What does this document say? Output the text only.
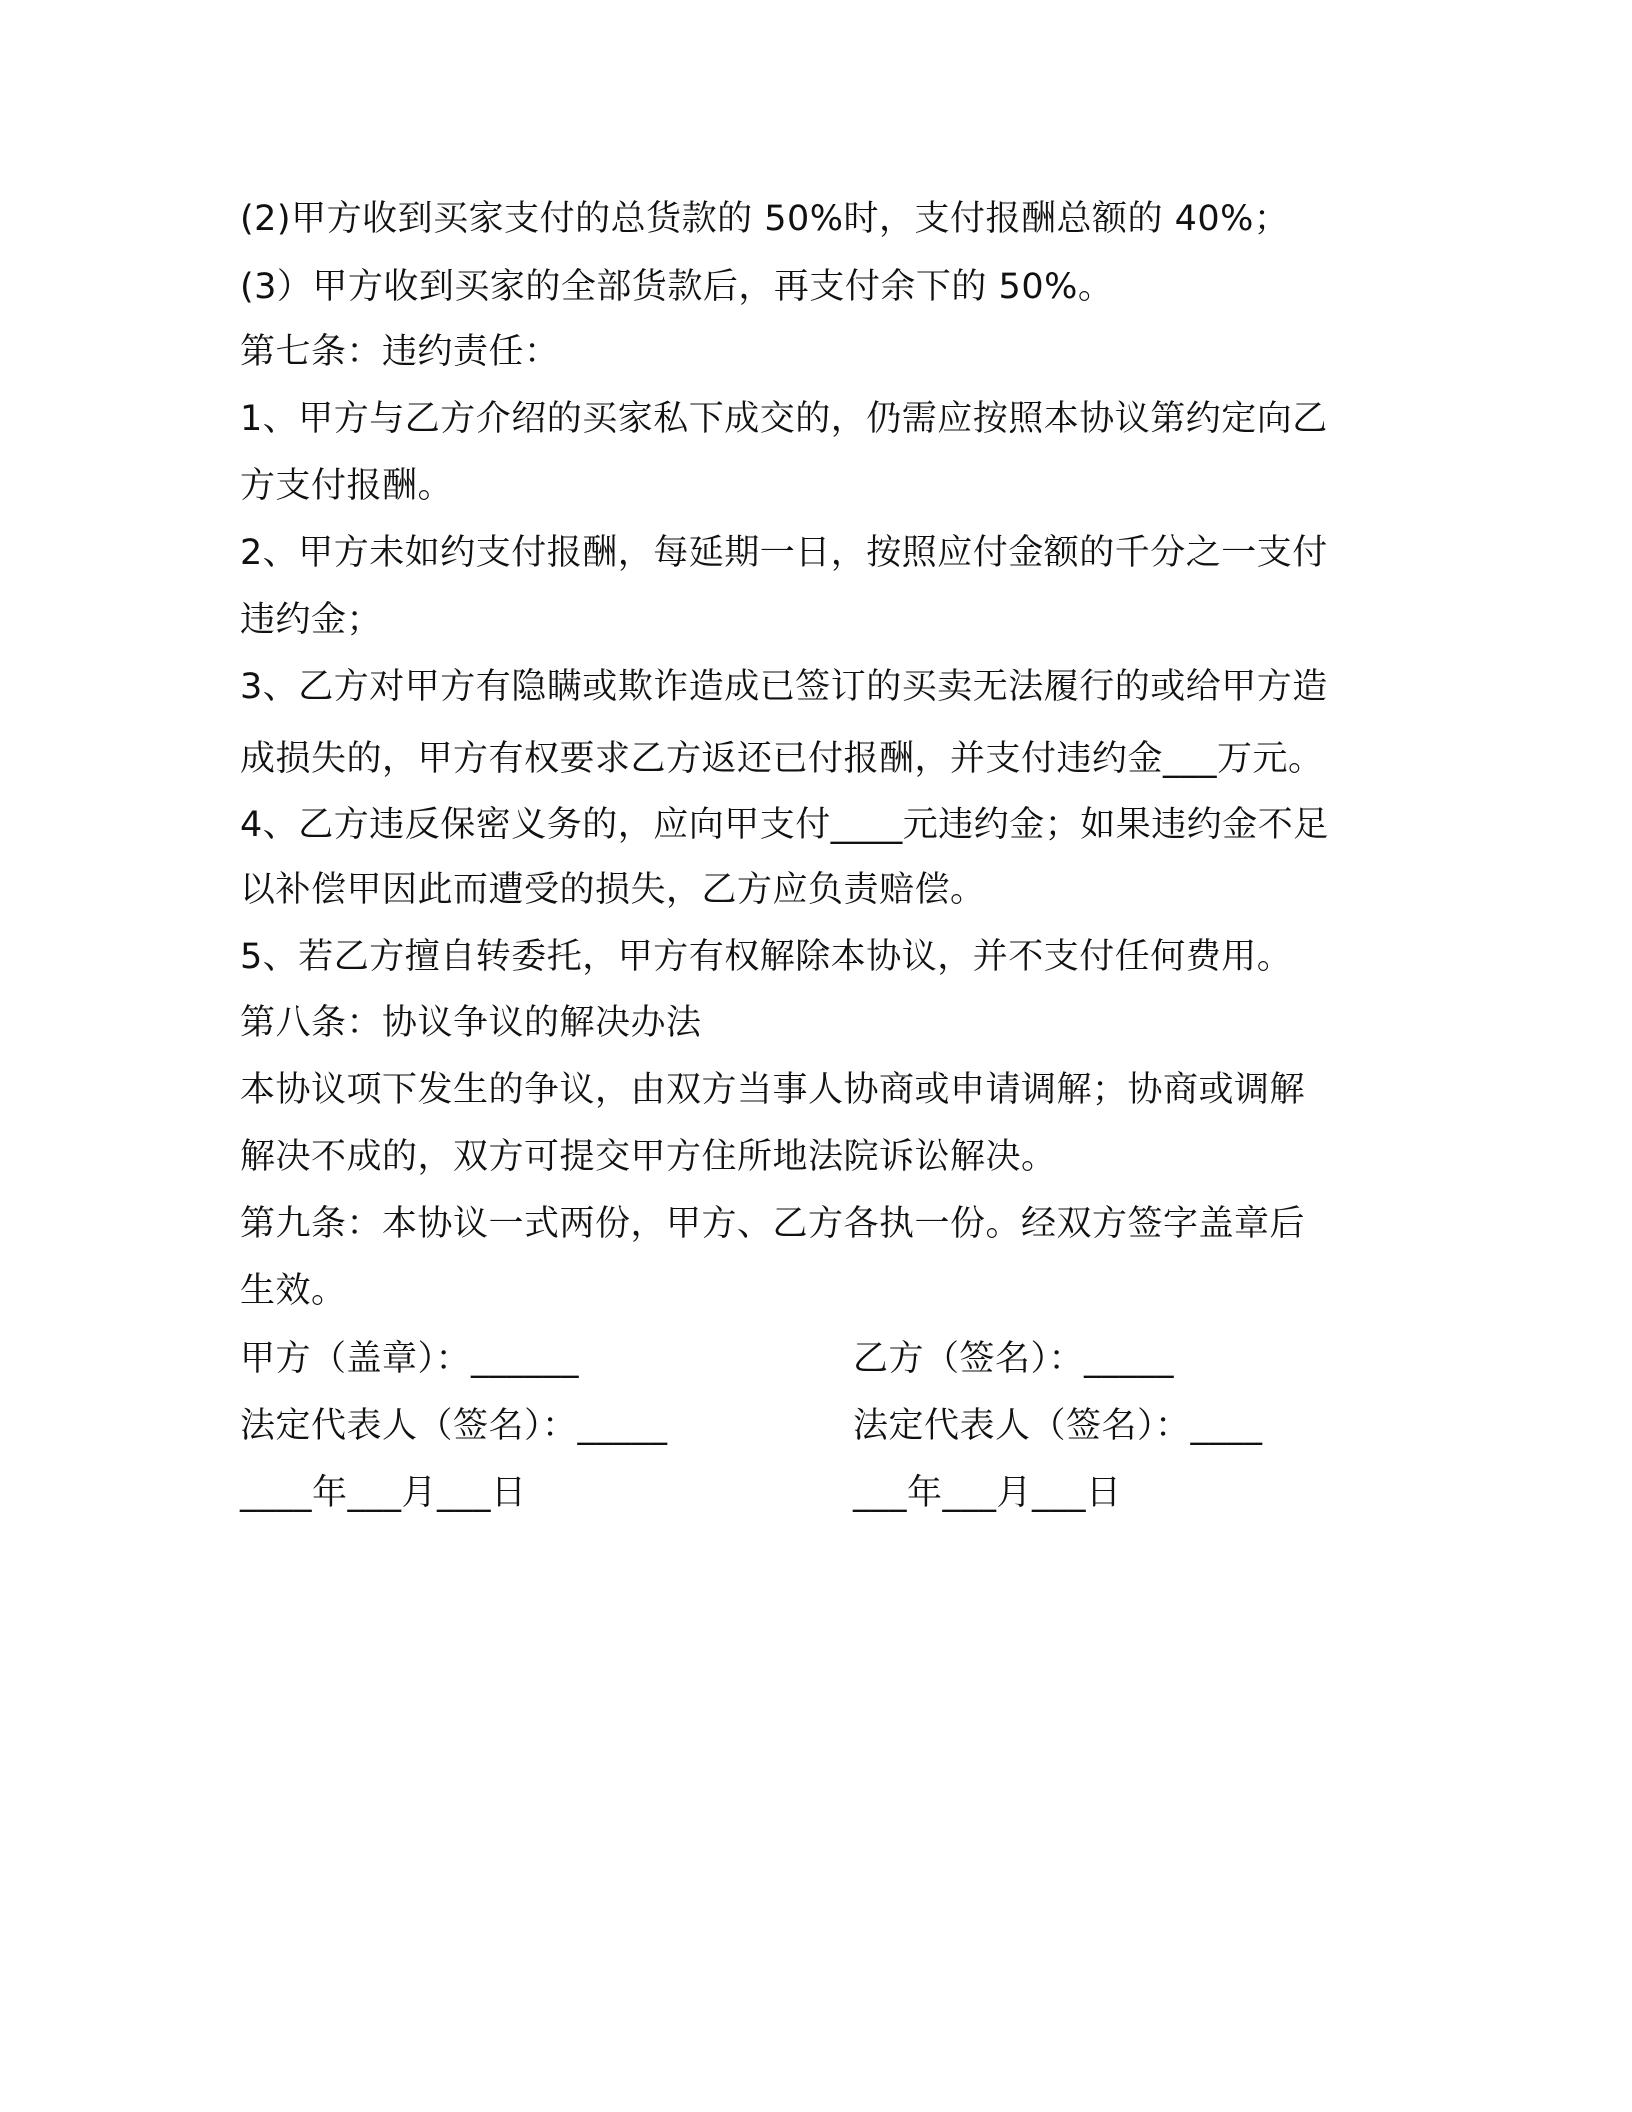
(2)甲方收到买家支付的总货款的 50%时，支付报酬总额的 40%；
(3）甲方收到买家的全部货款后，再支付余下的 50%。
第七条：违约责任：
1、甲方与乙方介绍的买家私下成交的，仍需应按照本协议第约定向乙
方支付报酬。
2、甲方未如约支付报酬，每延期一日，按照应付金额的千分之一支付
违约金；
3、乙方对甲方有隐瞒或欺诈造成已签订的买卖无法履行的或给甲方造
成损失的，甲方有权要求乙方返还已付报酬，并支付违约金___万元。
4、乙方违反保密义务的，应向甲支付____元违约金；如果违约金不足
以补偿甲因此而遭受的损失，乙方应负责赔偿。
5、若乙方擅自转委托，甲方有权解除本协议，并不支付任何费用。
第八条：协议争议的解决办法
本协议项下发生的争议，由双方当事人协商或申请调解；协商或调解
解决不成的，双方可提交甲方住所地法院诉讼解决。
第九条：本协议一式两份，甲方、乙方各执一份。经双方签字盖章后
生效。
甲方（盖章）：______	乙方（签名）：_____
法定代表人（签名）：_____	法定代表人（签名）：____
____年___月___日	___年___月___日
